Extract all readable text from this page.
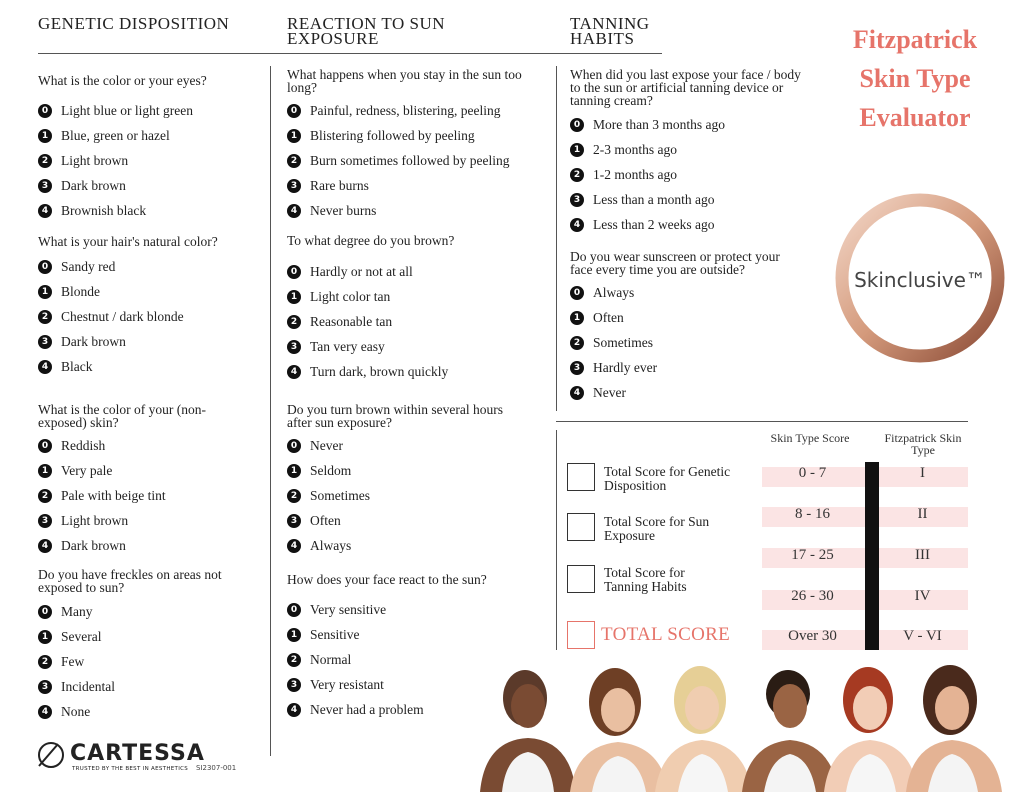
GENETIC DISPOSITION	REACTION TO SUN EXPOSURE
TANNING HABITS
What is the color or your eyes?
0 Light blue or light green
1 Blue, green or hazel
2 Light brown
3 Dark brown
4 Brownish black
What is your hair's natural color?
0 Sandy red
1 Blonde
2 Chestnut / dark blonde
3 Dark brown
4 Black
What is the color of your (non-exposed) skin?
0 Reddish
1 Very pale
2 Pale with beige tint
3 Light brown
4 Dark brown
Do you have freckles on areas not exposed to sun?
0 Many
1 Several
2 Few
3 Incidental
4 None
What happens when you stay in the sun too long?
0 Painful, redness, blistering, peeling
1 Blistering followed by peeling
2 Burn sometimes followed by peeling
3 Rare burns
4 Never burns
To what degree do you brown?
0 Hardly or not at all
1 Light color tan
2 Reasonable tan
3 Tan very easy
4 Turn dark, brown quickly
Do you turn brown within several hours after sun exposure?
0 Never
1 Seldom
2 Sometimes
3 Often
4 Always
How does your face react to the sun?
0 Very sensitive
1 Sensitive
2 Normal
3 Very resistant
4 Never had a problem
When did you last expose your face / body to the sun or artificial tanning device or tanning cream?
0 More than 3 months ago
1 2-3 months ago
2 1-2 months ago
3 Less than a month ago
4 Less than 2 weeks ago
Do you wear sunscreen or protect your face every time you are outside?
0 Always
1 Often
2 Sometimes
3 Hardly ever
4 Never
Fitzpatrick
Skin Type
Evaluator
Skinclusive™
Skin Type Score	Fitzpatrick Skin Type
0 - 7	I
8 - 16	II
17 - 25	III
26 - 30	IV
Over 30	V - VI
Total Score for Genetic Disposition
Total Score for Sun Exposure
Total Score for Tanning Habits
TOTAL SCORE
CARTESSA
TRUSTED BY THE BEST IN AESTHETICS SI2307-001
